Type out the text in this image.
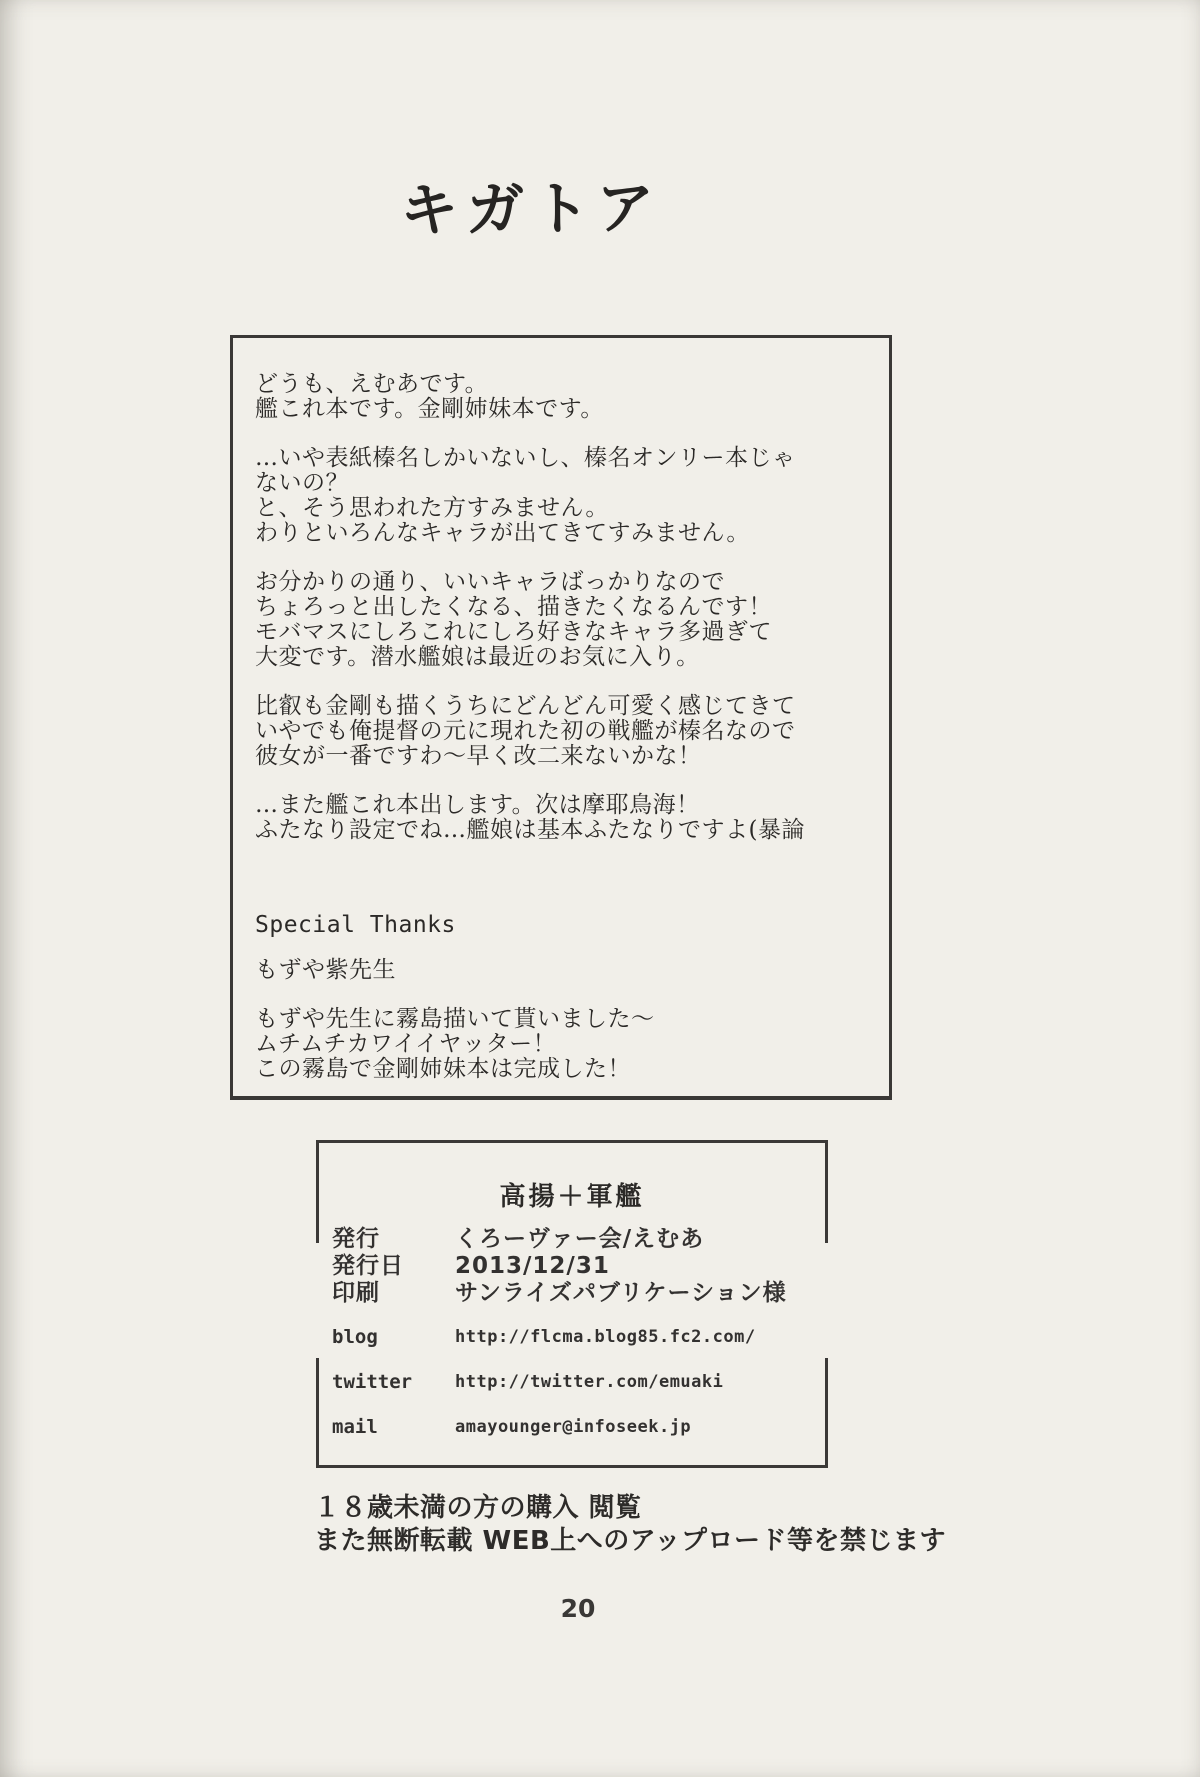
キガトア
どうも、えむあです。
艦これ本です。金剛姉妹本です。
…いや表紙榛名しかいないし、榛名オンリー本じゃ
ないの？
と、そう思われた方すみません。
わりといろんなキャラが出てきてすみません。
お分かりの通り、いいキャラばっかりなので
ちょろっと出したくなる、描きたくなるんです！
モバマスにしろこれにしろ好きなキャラ多過ぎて
大変です。潜水艦娘は最近のお気に入り。
比叡も金剛も描くうちにどんどん可愛く感じてきて
いやでも俺提督の元に現れた初の戦艦が榛名なので
彼女が一番ですわ～早く改二来ないかな！
…また艦これ本出します。次は摩耶鳥海！
ふたなり設定でね…艦娘は基本ふたなりですよ(暴論
Special Thanks
もずや紫先生
もずや先生に霧島描いて貰いました～
ムチムチカワイイヤッター！
この霧島で金剛姉妹本は完成した！
高揚＋軍艦
発行	くろーヴァー会/えむあ
発行日	2013/12/31
印刷	サンライズパブリケーション様
blog	http://flcma.blog85.fc2.com/
twitter	http://twitter.com/emuaki
mail	amayounger@infoseek.jp
１８歳未満の方の購入 閲覧
また無断転載 WEB上へのアップロード等を禁じます
20
